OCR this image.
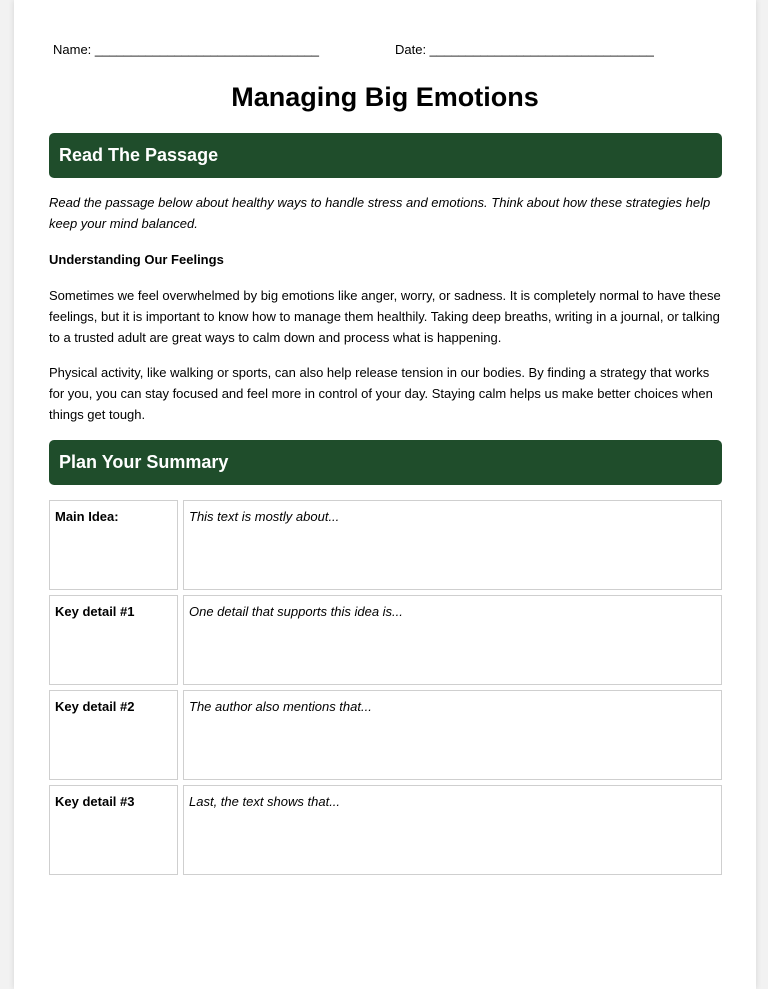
Name: _______________________________	Date: _______________________________
Managing Big Emotions
Read The Passage

Read the passage below about healthy ways to handle stress and emotions. Think about how these strategies help keep your mind balanced.

Understanding Our Feelings

Sometimes we feel overwhelmed by big emotions like anger, worry, or sadness. It is completely normal to have these feelings, but it is important to know how to manage them healthily. Taking deep breaths, writing in a journal, or talking to a trusted adult are great ways to calm down and process what is happening.

Physical activity, like walking or sports, can also help release tension in our bodies. By finding a strategy that works for you, you can stay focused and feel more in control of your day. Staying calm helps us make better choices when things get tough.

Plan Your Summary
Main Idea:	This text is mostly about...
Key detail #1	One detail that supports this idea is...
Key detail #2	The author also mentions that...
Key detail #3	Last, the text shows that...
